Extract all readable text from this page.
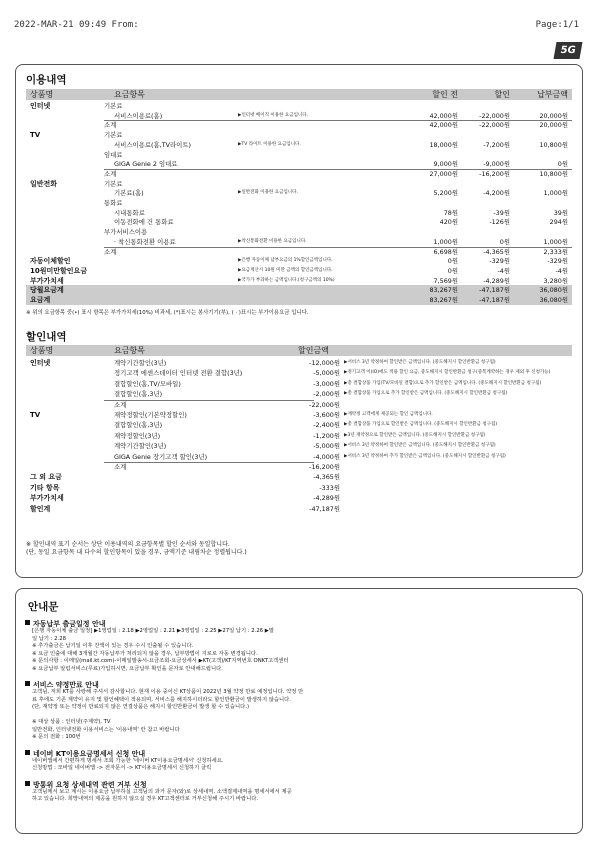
2022-MAR-21 09:49 From:	Page:1/1
5G
이용내역
상품명	요금항목	할인 전	할인	납부금액
인터넷	기본료
서비스이용료(홈)	▶인터넷 베이직 이용한 요금입니다.	42,000원	-22,000원	20,000원
소계	42,000원	-22,000원	20,000원
TV	기본료
서비스이용료(홈,TV라이트)	▶TV 라이트 이용한 요금입니다.	18,000원	-7,200원	10,800원
임대료
GIGA Genie 2 임대료	9,000원	-9,000원	0원
소계	27,000원	-16,200원	10,800원
일반전화	기본료
기본료(홈)	▶일반전화 이용한 요금입니다.	5,200원	-4,200원	1,000원
통화료
시내통화료	78원	-39원	39원
이동전화에 건 통화료	420원	-126원	294원
부가서비스이용
· 착신통화전환 이용료	▶착신통화전환 이용한 요금입니다.	1,000원	0원	1,000원
소계	6,698원	-4,365원	2,333원
자동이체할인	▶은행 자동이체 납부요금의 1%할인금액입니다.	0원	-329원	-329원
10원미만할인요금	▶요금계산시 10원 미만 금액의 할인금액입니다.	0원	-4원	-4원
부가가치세	▶국가가 부과하는 금액입니다.(청구금액의 10%)	7,569원	-4,289원	3,280원
당월요금계	83,267원	-47,187원	36,080원
요금계	83,267원	-47,187원	36,080원
※ 위의 요금항목 중(•) 표시 항목은 부가가치세(10%) 비과세, (*)표시는 봉사기기(부), ( · )표시는 부가이용요금 입니다.
할인내역
상품명	요금항목	할인금액
인터넷	계약기간할인(3년)	-12,000원 ▶서비스 3년 약정하여 할인받은 금액입니다. (중도해지시 할인반환금 청구됨)
정기고객 에센스데이터 인터넷 전환 결합(3년)	-5,000원 ▶정기고객 이(IO)에도 적용 할인 요금, 중도해지시 할인반환금 청구(중복계약하는 경우 제외 후 신청가능)
결합할인(홈,TV/모바일)	-3,000원 ▶총 결합상품 가입(TV/모바일 결합)으로 추가 할인받은 금액입니다. (중도해지시 할인반환금 청구됨)
결합할인(홈,3년)	-2,000원 ▶총 결합상품 가입으로 추가 할인받은 금액입니다. (중도해지시 할인반환금 청구됨)
소계	-22,000원
TV	재약정할인(기본약정할인)	-3,600원 ▶재약정 고객에게 제공되는 할인 금액입니다.
결합할인(홈,3년)	-2,400원 ▶총 결합상품 가입으로 할인받은 금액입니다. (중도해지시 할인반환금 청구됨)
재약정할인(3년)	-1,200원 ▶3년 재약정으로 할인받은 금액입니다. (중도해지시 할인반환금 청구됨)
계약기간할인(3년)	-5,000원 ▶서비스 3년 약정하여 할인받은 금액입니다. (중도해지시 할인반환금 청구됨)
GIGA Genie 장기고객 할인(3년)	-4,000원 ▶서비스 3년 약정하여 추가 할인받은 금액입니다. (중도해지시 할인반환금 청구됨)
소계	-16,200원
그 외 요금	-4,365원
기타 항목	-333원
부가가치세	-4,289원
할인계	-47,187원
※ 할인내역 표기 순서는 상단 이용내역의 요금항목별 할인 순서와 동일합니다.
(단, 동일 요금항목 내 다수의 할인항목이 있을 경우, 금액기준 내림차순 정렬됩니다.)
안내문
자동납부 출금일정 안내
[은행 자동이체 출금 일정] ▶1영업일 : 2.18 ▶2영업일 : 2.21 ▶3영업일 : 2.25 ▶27일 납기 : 2.26 ▶말
일 납기 : 2.28
※ 추가출금은 납기일 이후 잔액이 있는 경우 수시 인출될 수 있습니다.
※ 요금 인출에 대해 3개월간 자동납부가 처리되지 않을 경우, 납부방법이 지로로 자동 변경됩니다.
※ 문의사항 : 이메일(mail.kt.com)-이메일발송서-요금조회-요금상세서 ▶KT(고객)/KT지역번호 ONKT고객센터
※ 요금납부 알림서비스(무료)가입하시면, 요금납부 확인을 문자로 안내해드립니다.
서비스 약정만료 안내
고객님, 저희 KT를 사랑해 주셔서 감사합니다. 현재 이용 중이신 KT상품이 2022년 3월 약정 만료 예정입니다. 약정 만
료 후에도 기존 계약이 유지 및 할인혜택이 적용되며, 서비스를 해지하시더라도 할인반환금이 발생하지 않습니다.
(단, 재약정 또는 약정이 만료되지 않은 연결상품은 해지시 할인반환금이 발생 할 수 있습니다.)
※ 대상 상품 : 인터넷(주계약), TV
일반전화, 인터넷전화 이용서비스는 '이용내역' 란 참고 바랍니다
※ 문의 전화 : 100번
네이버 KT이용요금명세서 신청 안내
네이버앱에서 간편하게 명세서 조회 가능한 '네이버 KT이용요금명세서' 신청하세요.
신청방법 : 모바일 네이버앱 -> 전자문서 -> KT이용요금명세서 신청하기 클릭
방통위 요청 상세내역 관련 거부 신청
고객님께서 보고 계시는 이용요금 납부하실 고객님의 과거 문자(와)로 상세내역, 소액결제내역을 명세서에서 제공
하고 있습니다. 희망내역의 제공을 원하지 않으실 경우 KT고객센터로 거부신청해 주시기 바랍니다.
